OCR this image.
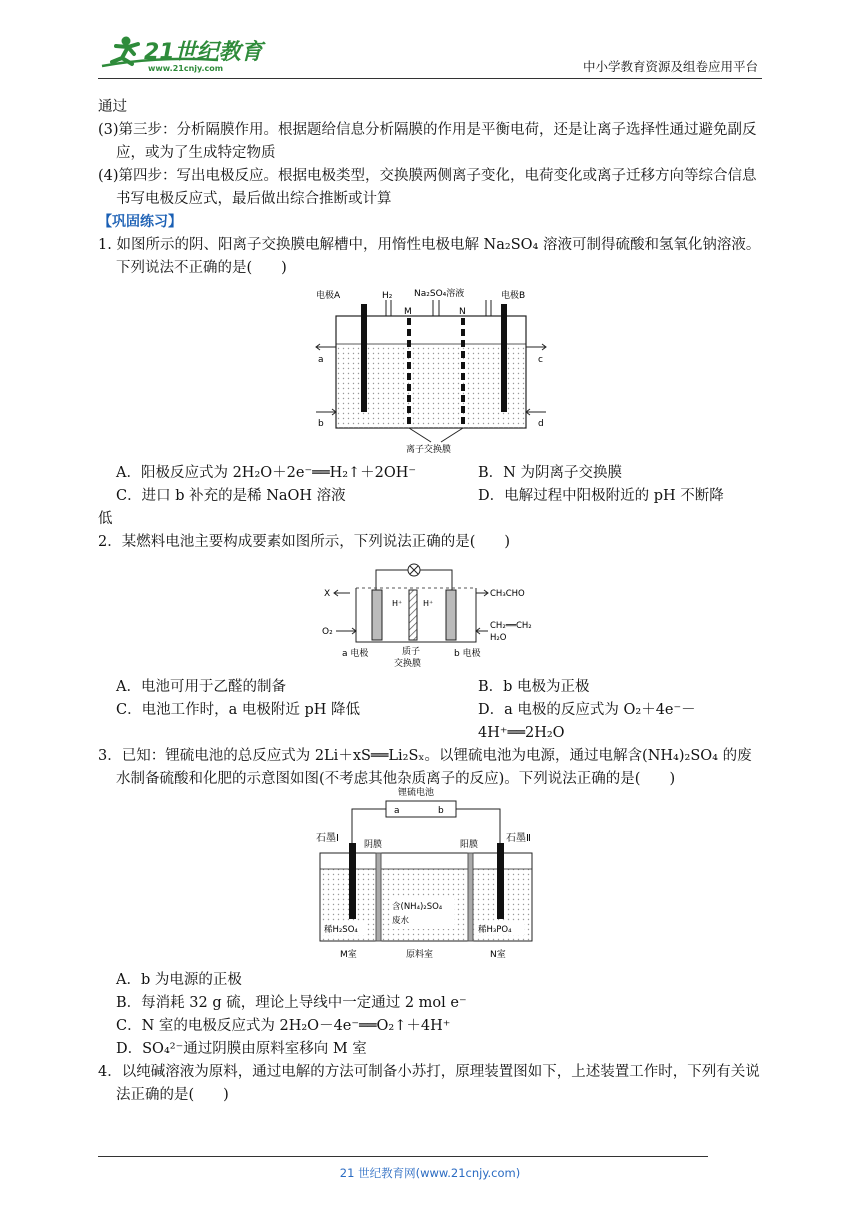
21世纪教育
www.21cnjy.com	中小学教育资源及组卷应用平台

通过

(3)第三步：分析隔膜作用。根据题给信息分析隔膜的作用是平衡电荷，还是让离子选择性通过避免副反应，或为了生成特定物质

(4)第四步：写出电极反应。根据电极类型，交换膜两侧离子变化，电荷变化或离子迁移方向等综合信息书写电极反应式，最后做出综合推断或计算

【巩固练习】

1. 如图所示的阴、阳离子交换膜电解槽中，用惰性电极电解 Na₂SO₄ 溶液可制得硫酸和氢氧化钠溶液。下列说法不正确的是(　　)

电极A	H₂ Na₂SO₄溶液	电极B
M	N
a
b
c
d
离子交换膜
A．阳极反应式为 2H₂O＋2e⁻══H₂↑＋2OH⁻	B．N 为阴离子交换膜
C．进口 b 补充的是稀 NaOH 溶液	D．电解过程中阳极附近的 pH 不断降

低

2．某燃料电池主要构成要素如图所示，下列说法正确的是(　　)

H⁺	H⁺
X
O₂
CH₃CHO
CH₂══CH₂
H₂O
a 电极	质子
交换膜
b 电极
A．电池可用于乙醛的制备	B．b 电极为正极
C．电池工作时，a 电极附近 pH 降低	D．a 电极的反应式为 O₂＋4e⁻－4H⁺══2H₂O

3．已知：锂硫电池的总反应式为 2Li＋xS══Li₂Sₓ。以锂硫电池为电源，通过电解含(NH₄)₂SO₄ 的废水制备硫酸和化肥的示意图如图(不考虑其他杂质离子的反应)。下列说法正确的是(　　)

锂硫电池
a	b
石墨Ⅰ
阴膜	阳膜
石墨Ⅱ
含(NH₄)₂SO₄
废水
稀H₂SO₄	稀H₃PO₄
M室	原料室	N室
A．b 为电源的正极
B．每消耗 32 g 硫，理论上导线中一定通过 2 mol e⁻
C．N 室的电极反应式为 2H₂O－4e⁻══O₂↑＋4H⁺
D．SO₄²⁻通过阴膜由原料室移向 M 室

4．以纯碱溶液为原料，通过电解的方法可制备小苏打，原理装置图如下，上述装置工作时，下列有关说法正确的是(　　)

21 世纪教育网(www.21cnjy.com)
